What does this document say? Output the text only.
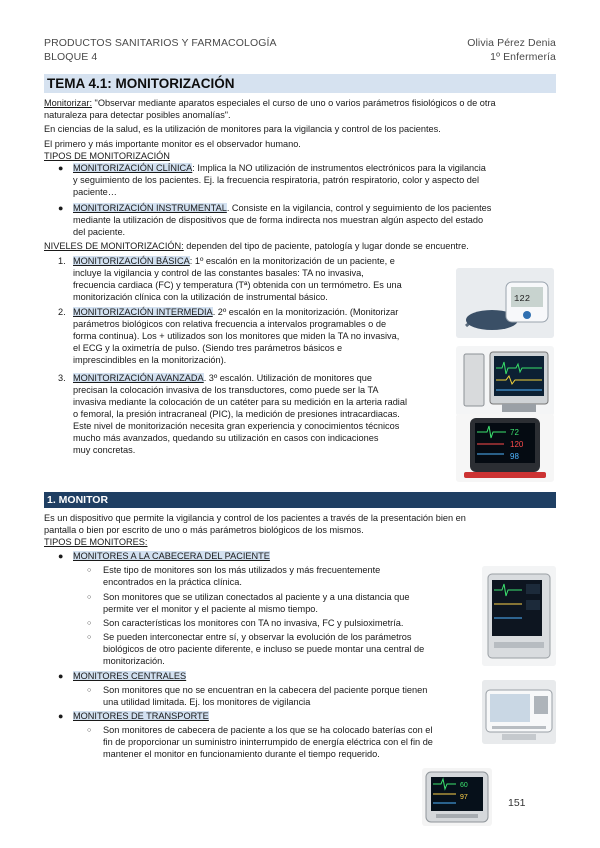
PRODUCTOS SANITARIOS Y FARMACOLOGÍA
BLOQUE 4
Olivia Pérez Denia
1º Enfermería
TEMA 4.1: MONITORIZACIÓN
Monitorizar: "Observar mediante aparatos especiales el curso de uno o varios parámetros fisiológicos o de otra
naturaleza para detectar posibles anomalías".
En ciencias de la salud, es la utilización de monitores para la vigilancia y control de los pacientes.
El primero y más importante monitor es el observador humano.
TIPOS DE MONITORIZACIÓN
● MONITORIZACIÓN CLÍNICA: Implica la NO utilización de instrumentos electrónicos para la vigilancia
y seguimiento de los pacientes. Ej. la frecuencia respiratoria, patrón respiratorio, color y aspecto del
paciente…
● MONITORIZACIÓN INSTRUMENTAL. Consiste en la vigilancia, control y seguimiento de los pacientes
mediante la utilización de dispositivos que de forma indirecta nos muestran algún aspecto del estado
del paciente.
NIVELES DE MONITORIZACIÓN: dependen del tipo de paciente, patología y lugar donde se encuentre.
1. MONITORIZACIÓN BÁSICA: 1º escalón en la monitorización de un paciente, e
incluye la vigilancia y control de las constantes basales: TA no invasiva,
frecuencia cardiaca (FC) y temperatura (Tª) obtenida con un termómetro. Es una
monitorización clínica con la utilización de instrumental básico.
2. MONITORIZACIÓN INTERMEDIA. 2º escalón en la monitorización. (Monitorizar
parámetros biológicos con relativa frecuencia a intervalos programables o de
forma continua). Los + utilizados son los monitores que miden la TA no invasiva,
el ECG y la oximetría de pulso. (Siendo tres parámetros básicos e
imprescindibles en la monitorización).
3. MONITORIZACIÓN AVANZADA. 3º escalón. Utilización de monitores que
precisan la colocación invasiva de los transductores, como puede ser la TA
invasiva mediante la colocación de un catéter para su medición en la arteria radial
o femoral, la presión intracraneal (PIC), la medición de presiones intracardiacas.
Este nivel de monitorización necesita gran experiencia y conocimientos técnicos
mucho más avanzados, quedando su utilización en casos con indicaciones
muy concretas.
122
72
120
98
1. MONITOR
Es un dispositivo que permite la vigilancia y control de los pacientes a través de la presentación bien en
pantalla o bien por escrito de uno o más parámetros biológicos de los mismos.
TIPOS DE MONITORES:
● MONITORES A LA CABECERA DEL PACIENTE
○ Este tipo de monitores son los más utilizados y más frecuentemente
encontrados en la práctica clínica.
○ Son monitores que se utilizan conectados al paciente y a una distancia que
permite ver el monitor y el paciente al mismo tiempo.
○ Son características los monitores con TA no invasiva, FC y pulsioximetría.
○ Se pueden interconectar entre sí, y observar la evolución de los parámetros
biológicos de otro paciente diferente, e incluso se puede montar una central de
monitorización.
● MONITORES CENTRALES
○ Son monitores que no se encuentran en la cabecera del paciente porque tienen
una utilidad limitada. Ej. los monitores de vigilancia
● MONITORES DE TRANSPORTE
○ Son monitores de cabecera de paciente a los que se ha colocado baterías con el
fin de proporcionar un suministro ininterrumpido de energía eléctrica con el fin de
mantener el monitor en funcionamiento durante el tiempo requerido.
60
97	151
